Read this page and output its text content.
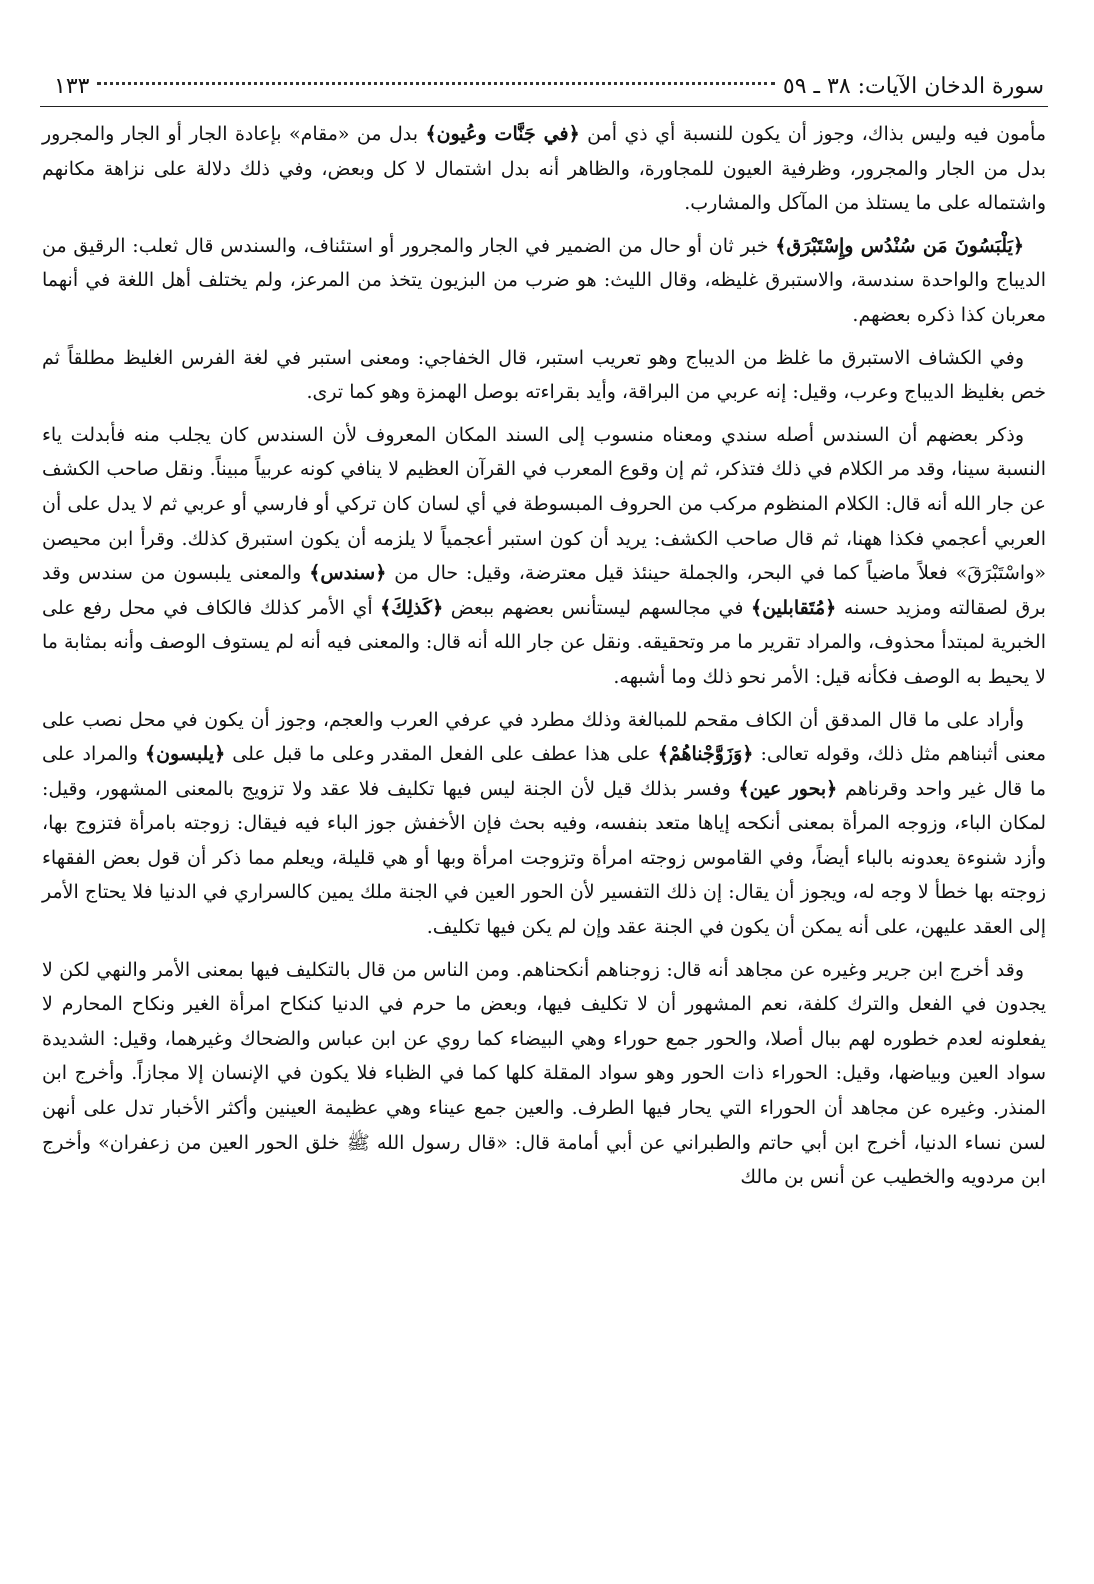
سورة الدخان الآيات: ٣٨ ـ ٥٩
١٣٣

مأمون فيه وليس بذاك، وجوز أن يكون للنسبة أي ذي أمن ﴿في جَنَّات وعُيون﴾ بدل من «مقام» بإعادة الجار أو الجار والمجرور بدل من الجار والمجرور، وظرفية العيون للمجاورة، والظاهر أنه بدل اشتمال لا كل وبعض، وفي ذلك دلالة على نزاهة مكانهم واشتماله على ما يستلذ من المآكل والمشارب.

﴿يَلْبَسُونَ مَن سُنْدُس وإِسْتَبْرَق﴾ خبر ثان أو حال من الضمير في الجار والمجرور أو استئناف، والسندس قال ثعلب: الرقيق من الديباج والواحدة سندسة، والاستبرق غليظه، وقال الليث: هو ضرب من البزيون يتخذ من المرعز، ولم يختلف أهل اللغة في أنهما معربان كذا ذكره بعضهم.

وفي الكشاف الاستبرق ما غلظ من الديباج وهو تعريب استبر، قال الخفاجي: ومعنى استبر في لغة الفرس الغليظ مطلقاً ثم خص بغليظ الديباج وعرب، وقيل: إنه عربي من البراقة، وأيد بقراءته بوصل الهمزة وهو كما ترى.

وذكر بعضهم أن السندس أصله سندي ومعناه منسوب إلى السند المكان المعروف لأن السندس كان يجلب منه فأبدلت ياء النسبة سينا، وقد مر الكلام في ذلك فتذكر، ثم إن وقوع المعرب في القرآن العظيم لا ينافي كونه عربياً مبيناً. ونقل صاحب الكشف عن جار الله أنه قال: الكلام المنظوم مركب من الحروف المبسوطة في أي لسان كان تركي أو فارسي أو عربي ثم لا يدل على أن العربي أعجمي فكذا ههنا، ثم قال صاحب الكشف: يريد أن كون استبر أعجمياً لا يلزمه أن يكون استبرق كذلك. وقرأ ابن محيصن «واسْتَبْرَقَ» فعلاً ماضياً كما في البحر، والجملة حينئذ قيل معترضة، وقيل: حال من ﴿سندس﴾ والمعنى يلبسون من سندس وقد برق لصقالته ومزيد حسنه ﴿مُتَقابلين﴾ في مجالسهم ليستأنس بعضهم ببعض ﴿كَذلِكَ﴾ أي الأمر كذلك فالكاف في محل رفع على الخبرية لمبتدأ محذوف، والمراد تقرير ما مر وتحقيقه. ونقل عن جار الله أنه قال: والمعنى فيه أنه لم يستوف الوصف وأنه بمثابة ما لا يحيط به الوصف فكأنه قيل: الأمر نحو ذلك وما أشبهه.

وأراد على ما قال المدقق أن الكاف مقحم للمبالغة وذلك مطرد في عرفي العرب والعجم، وجوز أن يكون في محل نصب على معنى أثبناهم مثل ذلك، وقوله تعالى: ﴿وَزَوَّجْناهُمْ﴾ على هذا عطف على الفعل المقدر وعلى ما قبل على ﴿يلبسون﴾ والمراد على ما قال غير واحد وقرناهم ﴿بحور عين﴾ وفسر بذلك قيل لأن الجنة ليس فيها تكليف فلا عقد ولا تزويج بالمعنى المشهور، وقيل: لمكان الباء، وزوجه المرأة بمعنى أنكحه إياها متعد بنفسه، وفيه بحث فإن الأخفش جوز الباء فيه فيقال: زوجته بامرأة فتزوج بها، وأزد شنوءة يعدونه بالباء أيضاً، وفي القاموس زوجته امرأة وتزوجت امرأة وبها أو هي قليلة، ويعلم مما ذكر أن قول بعض الفقهاء زوجته بها خطأ لا وجه له، ويجوز أن يقال: إن ذلك التفسير لأن الحور العين في الجنة ملك يمين كالسراري في الدنيا فلا يحتاج الأمر إلى العقد عليهن، على أنه يمكن أن يكون في الجنة عقد وإن لم يكن فيها تكليف.

وقد أخرج ابن جرير وغيره عن مجاهد أنه قال: زوجناهم أنكحناهم. ومن الناس من قال بالتكليف فيها بمعنى الأمر والنهي لكن لا يجدون في الفعل والترك كلفة، نعم المشهور أن لا تكليف فيها، وبعض ما حرم في الدنيا كنكاح امرأة الغير ونكاح المحارم لا يفعلونه لعدم خطوره لهم ببال أصلا، والحور جمع حوراء وهي البيضاء كما روي عن ابن عباس والضحاك وغيرهما، وقيل: الشديدة سواد العين وبياضها، وقيل: الحوراء ذات الحور وهو سواد المقلة كلها كما في الظباء فلا يكون في الإنسان إلا مجازاً. وأخرج ابن المنذر. وغيره عن مجاهد أن الحوراء التي يحار فيها الطرف. والعين جمع عيناء وهي عظيمة العينين وأكثر الأخبار تدل على أنهن لسن نساء الدنيا، أخرج ابن أبي حاتم والطبراني عن أبي أمامة قال: «قال رسول الله ﷺ خلق الحور العين من زعفران» وأخرج ابن مردويه والخطيب عن أنس بن مالك
